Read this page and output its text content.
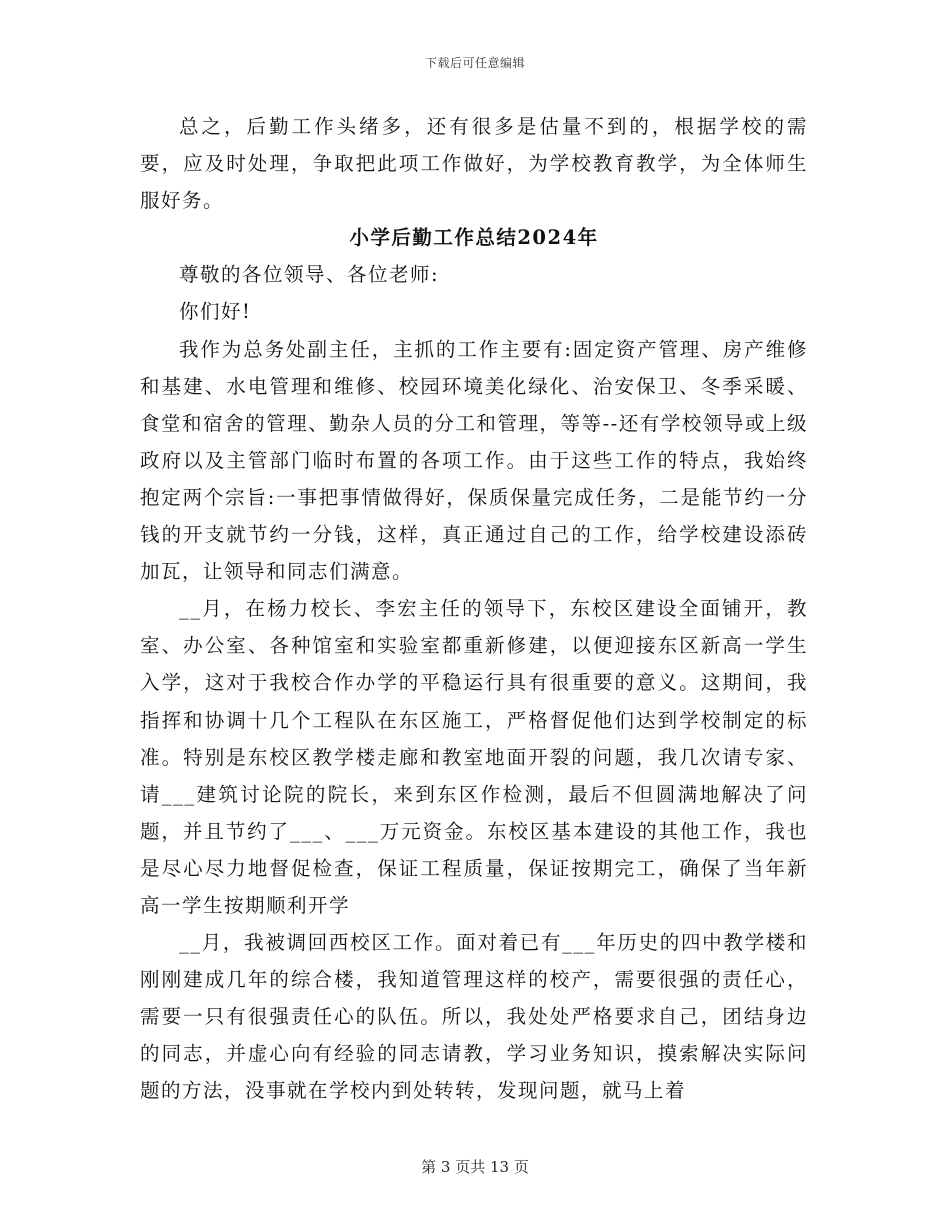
下载后可任意编辑

总之，后勤工作头绪多，还有很多是估量不到的，根据学校的需要，应及时处理，争取把此项工作做好，为学校教育教学，为全体师生服好务。

小学后勤工作总结2024年

尊敬的各位领导、各位老师:

你们好!

我作为总务处副主任，主抓的工作主要有:固定资产管理、房产维修和基建、水电管理和维修、校园环境美化绿化、治安保卫、冬季采暖、食堂和宿舍的管理、勤杂人员的分工和管理，等等--还有学校领导或上级政府以及主管部门临时布置的各项工作。由于这些工作的特点，我始终抱定两个宗旨:一事把事情做得好，保质保量完成任务，二是能节约一分钱的开支就节约一分钱，这样，真正通过自己的工作，给学校建设添砖加瓦，让领导和同志们满意。

__月，在杨力校长、李宏主任的领导下，东校区建设全面铺开，教室、办公室、各种馆室和实验室都重新修建，以便迎接东区新高一学生入学，这对于我校合作办学的平稳运行具有很重要的意义。这期间，我指挥和协调十几个工程队在东区施工，严格督促他们达到学校制定的标准。特别是东校区教学楼走廊和教室地面开裂的问题，我几次请专家、请___建筑讨论院的院长，来到东区作检测，最后不但圆满地解决了问题，并且节约了___、___万元资金。东校区基本建设的其他工作，我也是尽心尽力地督促检查，保证工程质量，保证按期完工，确保了当年新高一学生按期顺利开学

__月，我被调回西校区工作。面对着已有___年历史的四中教学楼和刚刚建成几年的综合楼，我知道管理这样的校产，需要很强的责任心，需要一只有很强责任心的队伍。所以，我处处严格要求自己，团结身边的同志，并虚心向有经验的同志请教，学习业务知识，摸索解决实际问题的方法，没事就在学校内到处转转，发现问题，就马上着

第 3 页共 13 页
